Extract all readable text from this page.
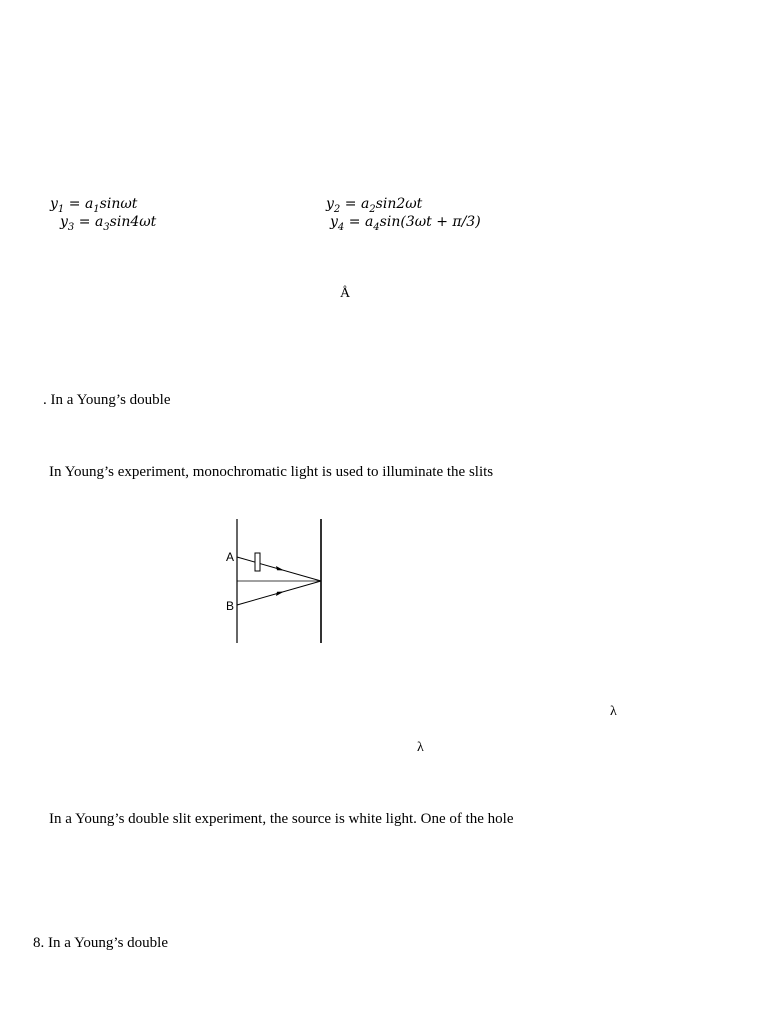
$y_1 = a_1\sin\omega t$
$y_3 = a_3\sin 4\omega t$
$y_2 = a_2\sin 2\omega t$
$y_4 = a_4\sin(3\omega t + \pi/3)$
Å
. In a Young’s double
In Young’s experiment, monochromatic light is used to illuminate the slits
A
B
λ
λ
In a Young’s double slit experiment, the source is white light. One of the hole
8. In a Young’s double
